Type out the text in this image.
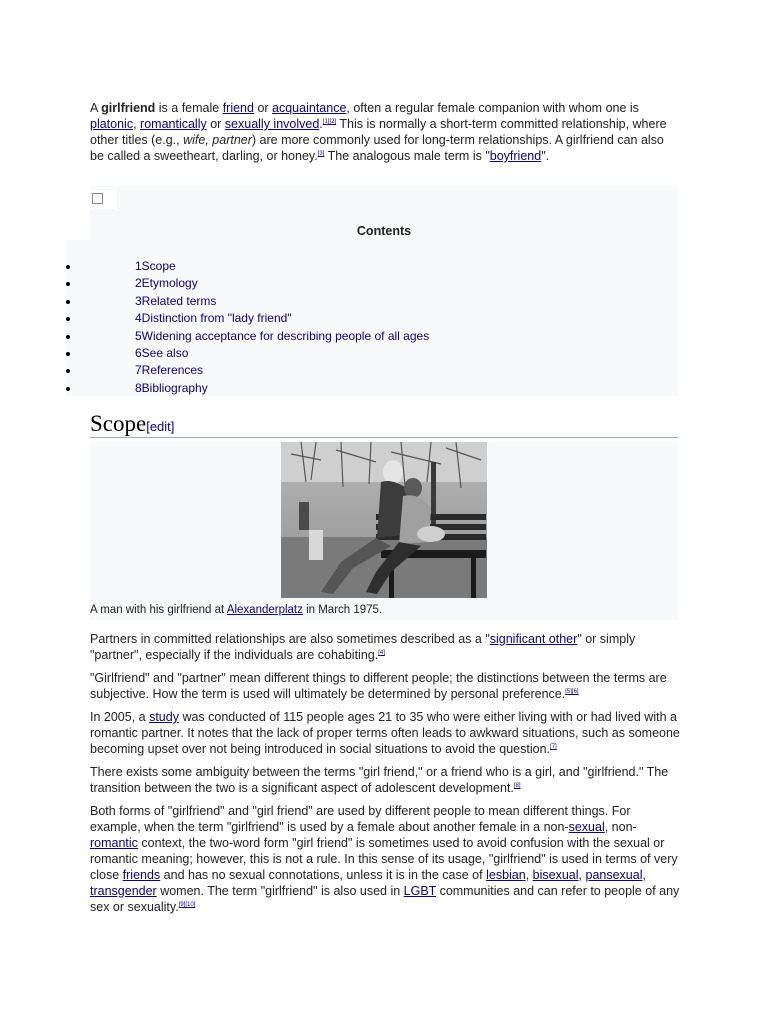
A girlfriend is a female friend or acquaintance, often a regular female companion with whom one is platonic, romantically or sexually involved.[1][2] This is normally a short-term committed relationship, where other titles (e.g., wife, partner) are more commonly used for long-term relationships. A girlfriend can also be called a sweetheart, darling, or honey.[3] The analogous male term is "boyfriend".
Contents
1Scope
2Etymology
3Related terms
4Distinction from "lady friend"
5Widening acceptance for describing people of all ages
6See also
7References
8Bibliography
Scope[edit]
A man with his girlfriend at Alexanderplatz in March 1975.

Partners in committed relationships are also sometimes described as a "significant other" or simply "partner", especially if the individuals are cohabiting.[4]

"Girlfriend" and "partner" mean different things to different people; the distinctions between the terms are subjective. How the term is used will ultimately be determined by personal preference.[5][6]

In 2005, a study was conducted of 115 people ages 21 to 35 who were either living with or had lived with a romantic partner. It notes that the lack of proper terms often leads to awkward situations, such as someone becoming upset over not being introduced in social situations to avoid the question.[7]

There exists some ambiguity between the terms "girl friend," or a friend who is a girl, and "girlfriend." The transition between the two is a significant aspect of adolescent development.[8]

Both forms of "girlfriend" and "girl friend" are used by different people to mean different things. For example, when the term "girlfriend" is used by a female about another female in a non-sexual, non-romantic context, the two-word form "girl friend" is sometimes used to avoid confusion with the sexual or romantic meaning; however, this is not a rule. In this sense of its usage, "girlfriend" is used in terms of very close friends and has no sexual connotations, unless it is in the case of lesbian, bisexual, pansexual, transgender women. The term "girlfriend" is also used in LGBT communities and can refer to people of any sex or sexuality.[9][10]
